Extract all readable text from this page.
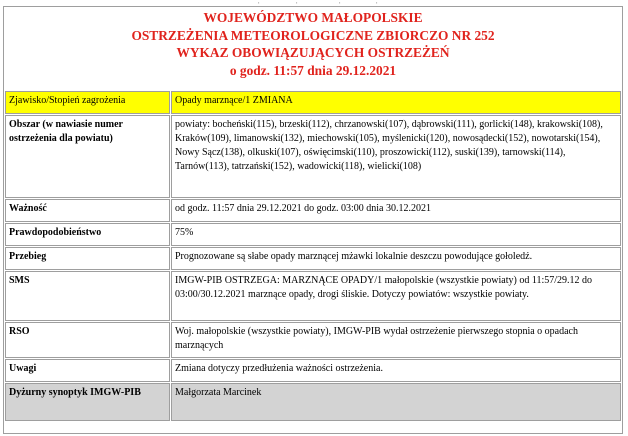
▪	▪	▪	▪
WOJEWÓDZTWO MAŁOPOLSKIE
OSTRZEŻENIA METEOROLOGICZNE ZBIORCZO NR 252
WYKAZ OBOWIĄZUJĄCYCH OSTRZEŻEŃ
o godz. 11:57 dnia 29.12.2021
Zjawisko/Stopień zagrożenia	Opady marznące/1 ZMIANA
Obszar (w nawiasie numer ostrzeżenia dla powiatu)	powiaty: bocheński(115), brzeski(112), chrzanowski(107), dąbrowski(111), gorlicki(148), krakowski(108), Kraków(109), limanowski(132), miechowski(105), myślenicki(120), nowosądecki(152), nowotarski(154), Nowy Sącz(138), olkuski(107), oświęcimski(110), proszowicki(112), suski(139), tarnowski(114), Tarnów(113), tatrzański(152), wadowicki(118), wielicki(108)
Ważność	od godz. 11:57 dnia 29.12.2021 do godz. 03:00 dnia 30.12.2021
Prawdopodobieństwo	75%
Przebieg	Prognozowane są słabe opady marznącej mżawki lokalnie deszczu powodujące gołoledź.
SMS	IMGW-PIB OSTRZEGA: MARZNĄCE OPADY/1 małopolskie (wszystkie powiaty) od 11:57/29.12 do 03:00/30.12.2021 marznące opady, drogi śliskie. Dotyczy powiatów: wszystkie powiaty.
RSO	Woj. małopolskie (wszystkie powiaty), IMGW-PIB wydał ostrzeżenie pierwszego stopnia o opadach marznących
Uwagi	Zmiana dotyczy przedłużenia ważności ostrzeżenia.
Dyżurny synoptyk IMGW-PIB	Małgorzata Marcinek
